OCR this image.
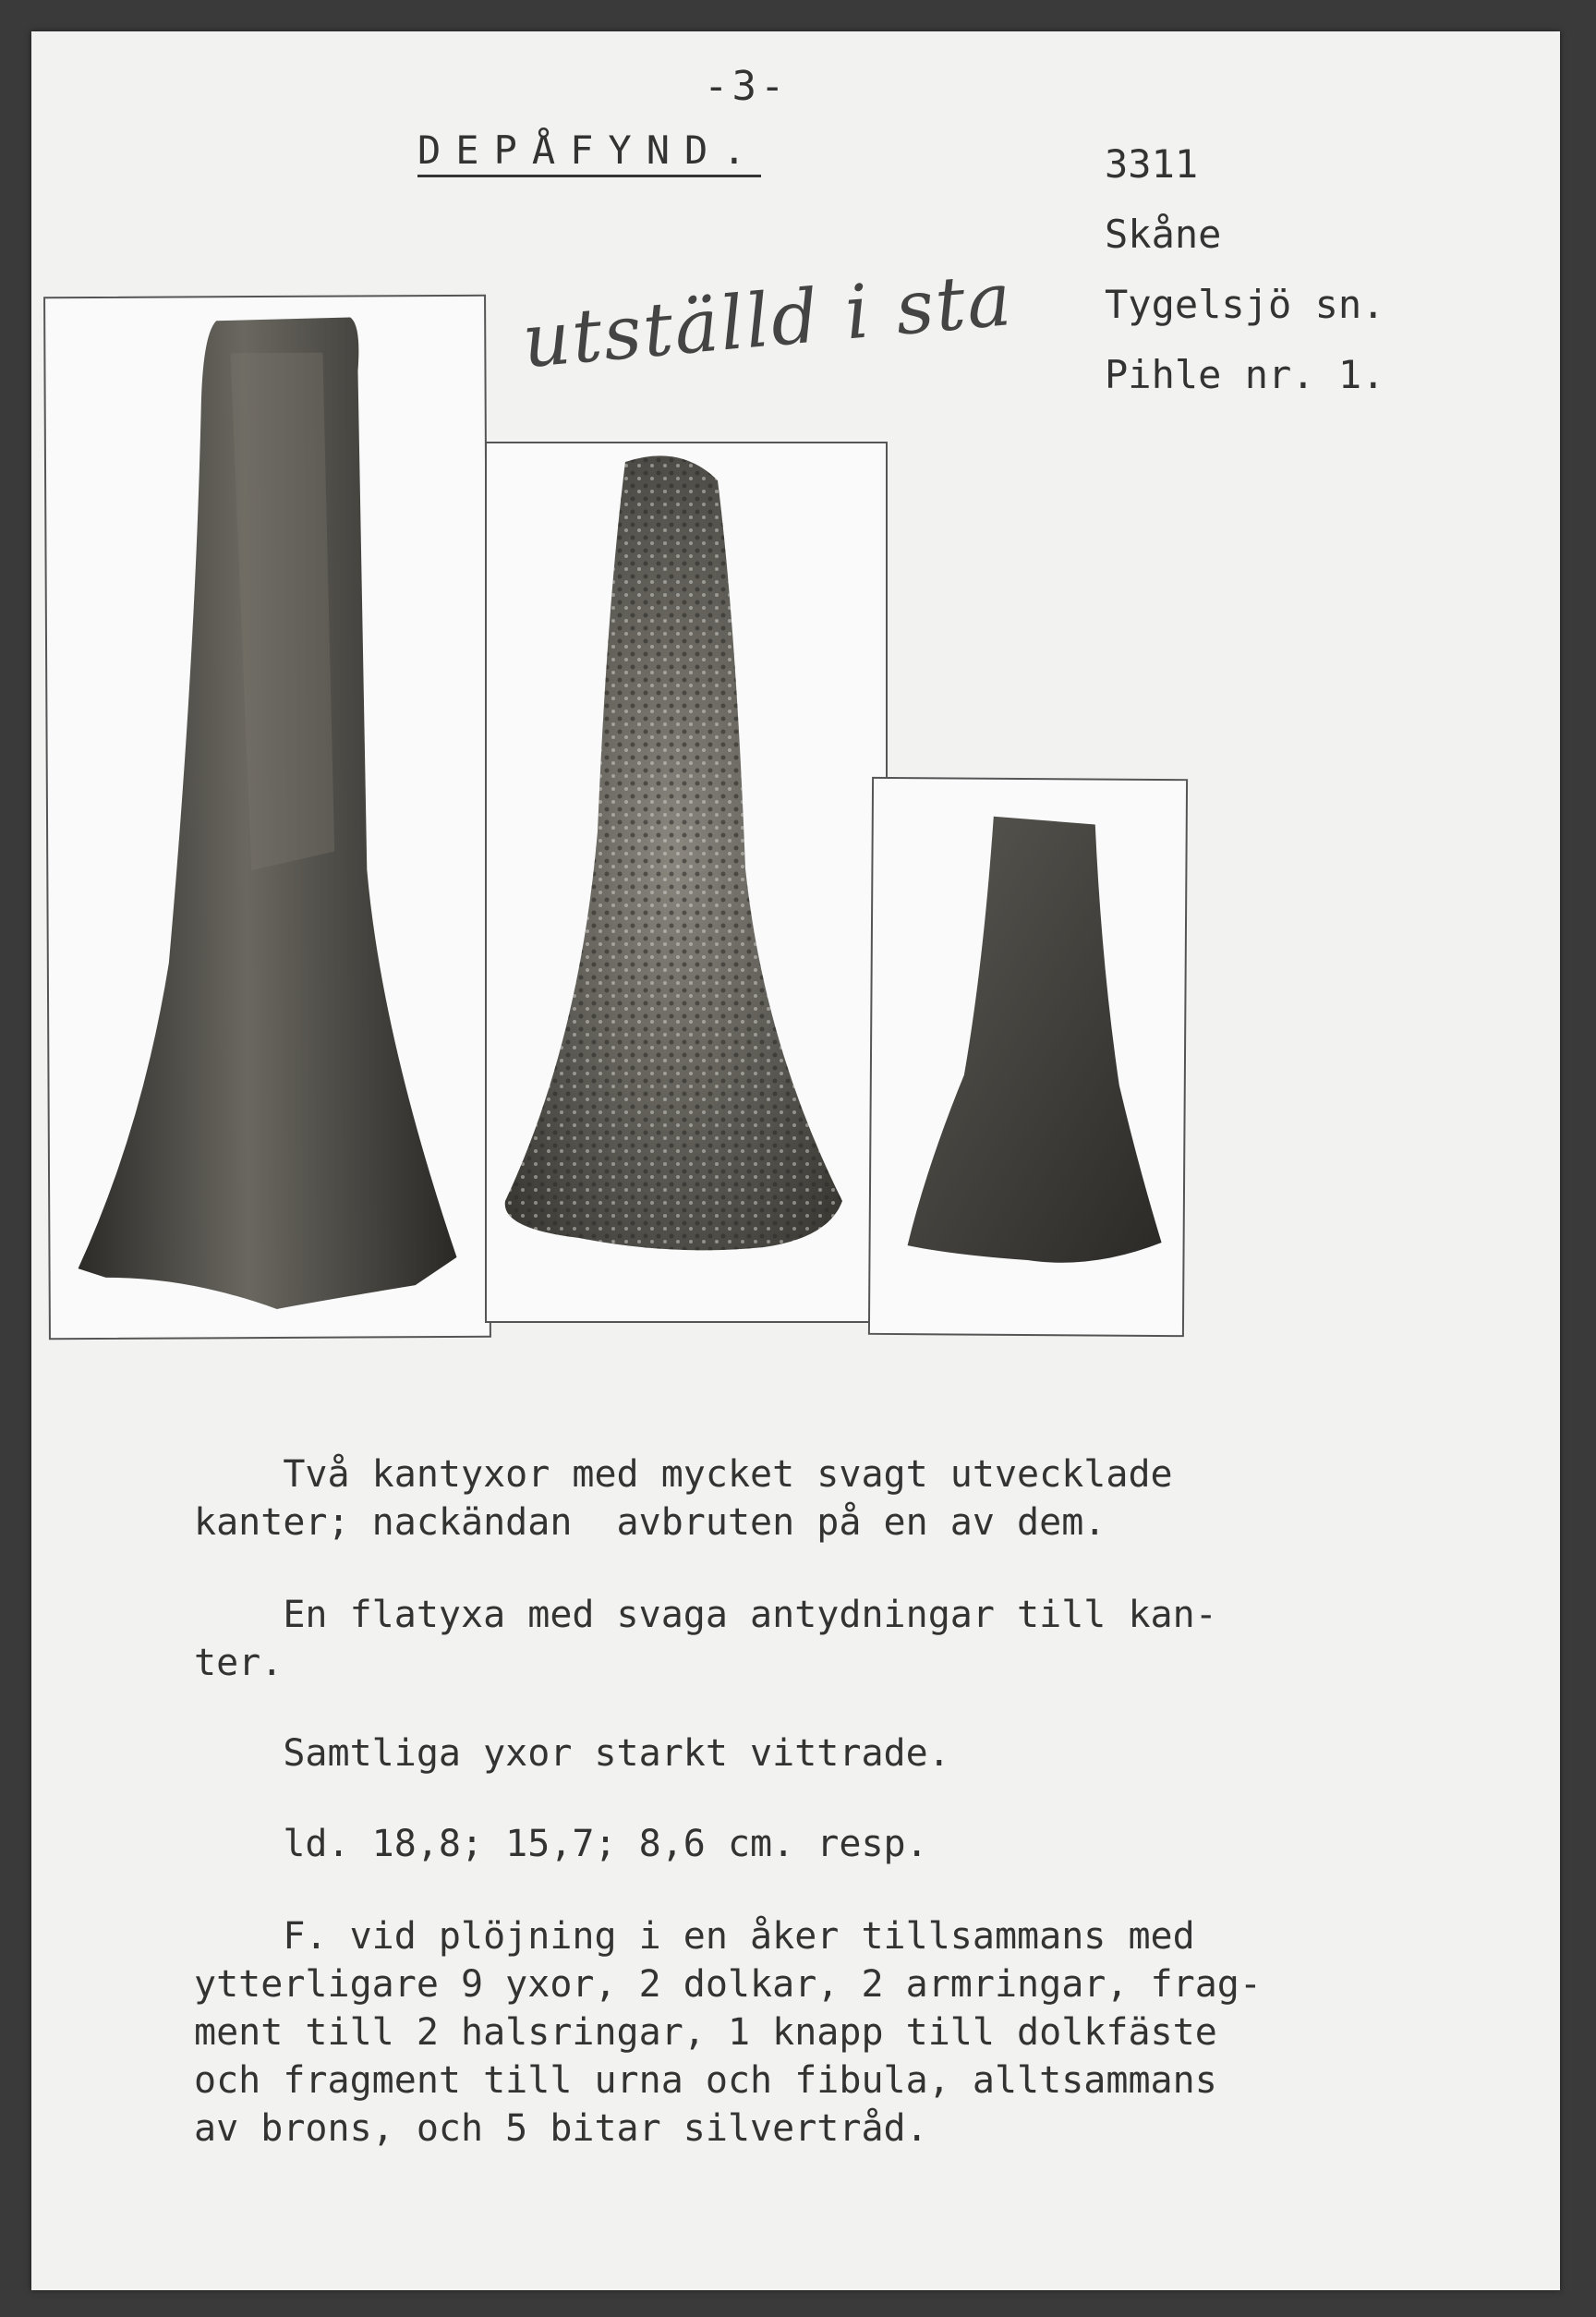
-3-
DEPÅFYND.
utställd i sta
3311
Skåne
Tygelsjö sn.
Pihle nr. 1.
Två kantyxor med mycket svagt utvecklade
kanter; nackändan  avbruten på en av dem.
En flatyxa med svaga antydningar till kan-
ter.
Samtliga yxor starkt vittrade.
ld. 18,8; 15,7; 8,6 cm. resp.
F. vid plöjning i en åker tillsammans med
ytterligare 9 yxor, 2 dolkar, 2 armringar, frag-
ment till 2 halsringar, 1 knapp till dolkfäste
och fragment till urna och fibula, alltsammans
av brons, och 5 bitar silvertråd.
